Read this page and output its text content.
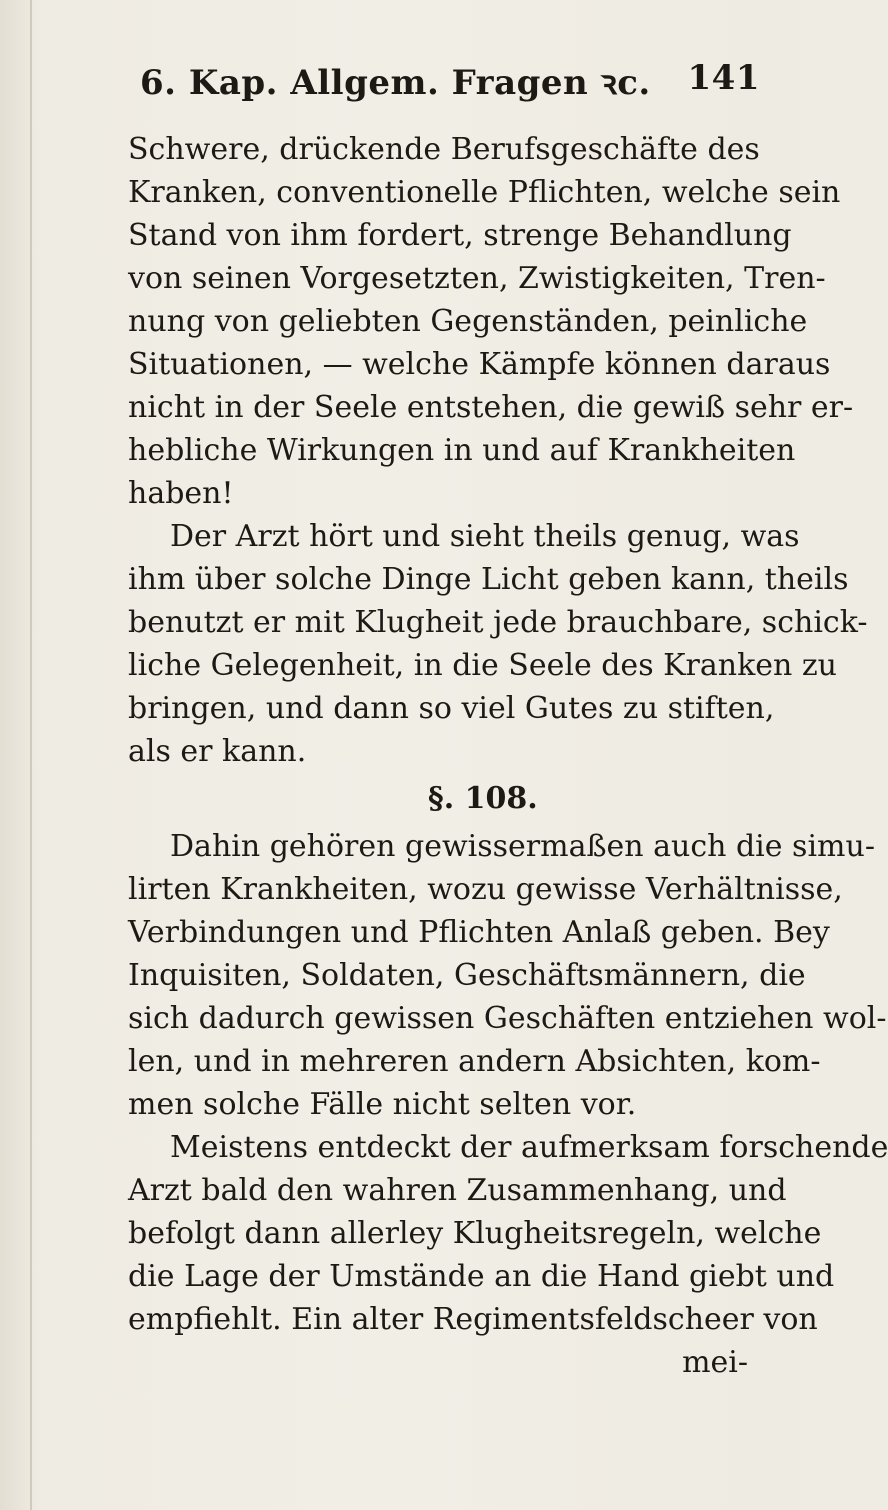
6. Kap. Allgem. Fragen ꝛc. 141
Schwere, drückende Berufsgeschäfte des
Kranken, conventionelle Pflichten, welche sein
Stand von ihm fordert, strenge Behandlung
von seinen Vorgesetzten, Zwistigkeiten, Tren-
nung von geliebten Gegenständen, peinliche
Situationen, — welche Kämpfe können daraus
nicht in der Seele entstehen, die gewiß sehr er-
hebliche Wirkungen in und auf Krankheiten
haben!
Der Arzt hört und sieht theils genug, was
ihm über solche Dinge Licht geben kann, theils
benutzt er mit Klugheit jede brauchbare, schick-
liche Gelegenheit, in die Seele des Kranken zu
bringen, und dann so viel Gutes zu stiften,
als er kann.
§. 108.
Dahin gehören gewissermaßen auch die simu-
lirten Krankheiten, wozu gewisse Verhältnisse,
Verbindungen und Pflichten Anlaß geben. Bey
Inquisiten, Soldaten, Geschäftsmännern, die
sich dadurch gewissen Geschäften entziehen wol-
len, und in mehreren andern Absichten, kom-
men solche Fälle nicht selten vor.
Meistens entdeckt der aufmerksam forschende
Arzt bald den wahren Zusammenhang, und
befolgt dann allerley Klugheitsregeln, welche
die Lage der Umstände an die Hand giebt und
empfiehlt. Ein alter Regimentsfeldscheer von
mei-
